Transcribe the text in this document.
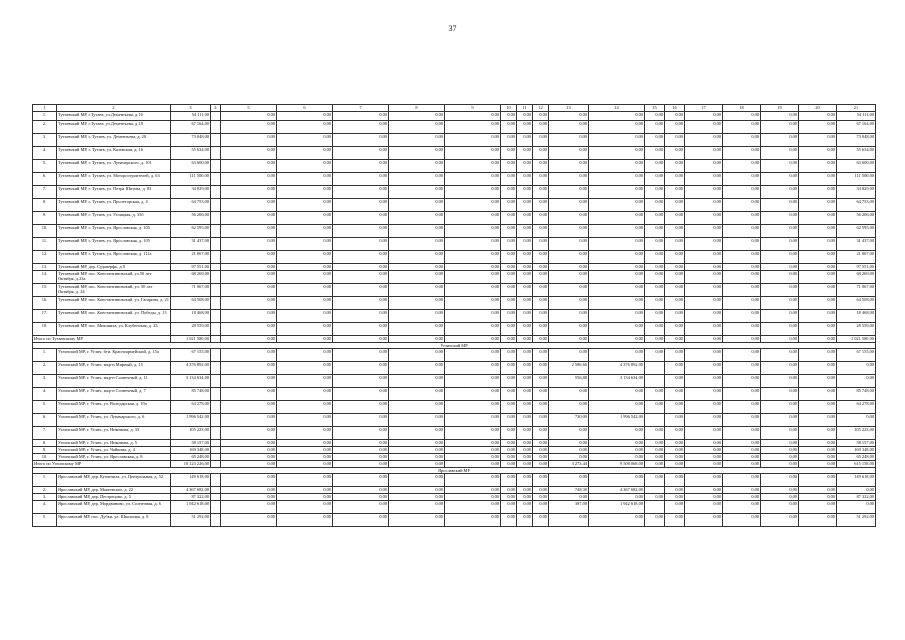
37
1	2	3	4	5	6	7	8	9	10	11	12	13	14	15	16	17	18	19	20	21
1.	Тутаевский МР, г.Тутаев, ул.Дементьева, д.16	54 111,00		0,00	0,00	0,00	0,00	0,00	0,00	0,00	0,00	0,00	0,00	0,00	0,00	0,00	0,00	0,00	0,00	54 111,00
2.	Тутаевский МР, г.Тутаев, ул.Дементьева, д.18	67 164,00		0,00	0,00	0,00	0,00	0,00	0,00	0,00	0,00	0,00	0,00	0,00	0,00	0,00	0,00	0,00	0,00	67 164,00
3.	Тутаевский МР, г. Тутаев, ул. Дементьева, д. 20	73 048,00		0,00	0,00	0,00	0,00	0,00	0,00	0,00	0,00	0,00	0,00	0,00	0,00	0,00	0,00	0,00	0,00	73 048,00
4.	Тутаевский МР, г. Тутаев, ул. Казанская, д. 16	55 634,00		0,00	0,00	0,00	0,00	0,00	0,00	0,00	0,00	0,00	0,00	0,00	0,00	0,00	0,00	0,00	0,00	55 634,00
5.	Тутаевский МР, г. Тутаев, ул. Луначарского, д. 101	63 600,00		0,00	0,00	0,00	0,00	0,00	0,00	0,00	0,00	0,00	0,00	0,00	0,00	0,00	0,00	0,00	0,00	63 600,00
6.	Тутаевский МР, г. Тутаев, ул. Моторостроителей, д. 63	111 500,00		0,00	0,00	0,00	0,00	0,00	0,00	0,00	0,00	0,00	0,00	0,00	0,00	0,00	0,00	0,00	0,00	111 500,00
7.	Тутаевский МР, г. Тутаев, ул. Петра Шитова, д. 83	34 829,00		0,00	0,00	0,00	0,00	0,00	0,00	0,00	0,00	0,00	0,00	0,00	0,00	0,00	0,00	0,00	0,00	34 829,00
8.	Тутаевский МР, г. Тутаев, ул. Пролетарская, д. 4	64 753,00		0,00	0,00	0,00	0,00	0,00	0,00	0,00	0,00	0,00	0,00	0,00	0,00	0,00	0,00	0,00	0,00	64 753,00
9.	Тутаевский МР, г. Тутаев, ул. Углицкая, д. 33б	56 206,00		0,00	0,00	0,00	0,00	0,00	0,00	0,00	0,00	0,00	0,00	0,00	0,00	0,00	0,00	0,00	0,00	56 206,00
10.	Тутаевский МР, г. Тутаев, ул. Ярославская, д. 105	62 595,00		0,00	0,00	0,00	0,00	0,00	0,00	0,00	0,00	0,00	0,00	0,00	0,00	0,00	0,00	0,00	0,00	62 595,00
11.	Тутаевский МР, г. Тутаев, ул. Ярославская, д. 105	31 437,00		0,00	0,00	0,00	0,00	0,00	0,00	0,00	0,00	0,00	0,00	0,00	0,00	0,00	0,00	0,00	0,00	31 437,00
12.	Тутаевский МР, г. Тутаев, ул. Ярославская, д. 111а	21 067,00		0,00	0,00	0,00	0,00	0,00	0,00	0,00	0,00	0,00	0,00	0,00	0,00	0,00	0,00	0,00	0,00	21 067,00
13.	Тутаевский МР, дер. Судоверфь, д.9	97 551,00		0,00	0,00	0,00	0,00	0,00	0,00	0,00	0,00	0,00	0,00	0,00	0,00	0,00	0,00	0,00	0,00	97 551,00
14.	Тутаевский МР, пос. Константиновский, ул.50 лет Октября, д.23а	68 269,00		0,00	0,00	0,00	0,00	0,00	0,00	0,00	0,00	0,00	0,00	0,00	0,00	0,00	0,00	0,00	0,00	68 269,00
15.	Тутаевский МР, пос. Константиновский, ул. 50 лет Октября, д. 24	71 067,00		0,00	0,00	0,00	0,00	0,00	0,00	0,00	0,00	0,00	0,00	0,00	0,00	0,00	0,00	0,00	0,00	71 067,00
16.	Тутаевский МР, пос. Константиновский, ул. Гагарина, д. 21	64 508,00		0,00	0,00	0,00	0,00	0,00	0,00	0,00	0,00	0,00	0,00	0,00	0,00	0,00	0,00	0,00	0,00	64 508,00
17.	Тутаевский МР, пос. Константиновский, ул. Победы, д. 13	18 468,00		0,00	0,00	0,00	0,00	0,00	0,00	0,00	0,00	0,00	0,00	0,00	0,00	0,00	0,00	0,00	0,00	18 468,00
18.	Тутаевский МР, пос. Микляиха, ул. Клубенская, д. 23	28 559,00		0,00	0,00	0,00	0,00	0,00	0,00	0,00	0,00	0,00	0,00	0,00	0,00	0,00	0,00	0,00	0,00	28 559,00
Итого по Тутаевскому МР		1 021 580,00		0,00	0,00	0,00	0,00	0,00	0,00	0,00	0,00	0,00	0,00	0,00	0,00	0,00	0,00	0,00	0,00	1 021 580,00
Угличский МР																				
1.	Угличский МР, г. Углич, 6ти. Красноармейский, д. 15а	67 155,00		0,00	0,00	0,00	0,00	0,00	0,00	0,00	0,00	0,00	0,00	0,00	0,00	0,00	0,00	0,00	0,00	67 155,00
2.	Угличский МР, г. Углич, мкр-н Мирный, д. 15	4 376 892,00		0,00	0,00	0,00	0,00	0,00	0,00	0,00	0,00	2 586,66	4 376 892,00		0,00	0,00	0,00	0,00	0,00	0,00
3.	Угличский МР, г. Углич, мкр-н Солнечный, д. 11	3 134 634,00		0,00	0,00	0,00	0,00	0,00	0,00	0,00	0,00	556,88	3 134 634,00		0,00	0,00	0,00	0,00	0,00	0,00
4.	Угличский МР, г. Углич, мкр-н Солнечный, д. 7	85 748,00		0,00	0,00	0,00	0,00	0,00	0,00	0,00	0,00	0,00	0,00	0,00	0,00	0,00	0,00	0,00	0,00	85 748,00
5.	Угличский МР, г. Углич, ул. Володарская, д. 19а	64 278,00		0,00	0,00	0,00	0,00	0,00	0,00	0,00	0,00	0,00	0,00	0,00	0,00	0,00	0,00	0,00	0,00	64 278,00
6.	Угличский МР, г. Углич, ул. Луначарского, д. 6	1 996 542,00		0,00	0,00	0,00	0,00	0,00	0,00	0,00	0,00	730,00	1 996 542,00		0,00	0,00	0,00	0,00	0,00	0,00
7.	Угличский МР, г. Углич, ул. Никонова, д. 33	105 223,00		0,00	0,00	0,00	0,00	0,00	0,00	0,00	0,00	0,00	0,00	0,00	0,00	0,00	0,00	0,00	0,00	105 223,00
8.	Угличский МР, г. Углич, ул. Никонова, д. 5	58 157,00		0,00	0,00	0,00	0,00	0,00	0,00	0,00	0,00	0,00	0,00	0,00	0,00	0,00	0,00	0,00	0,00	58 157,00
9.	Угличский МР, г. Углич, ул. Чайкина, д. 4	169 348,00		0,00	0,00	0,00	0,00	0,00	0,00	0,00	0,00	0,00	0,00	0,00	0,00	0,00	0,00	0,00	0,00	169 348,00
10.	Угличский МР, г. Углич, ул. Ярославская, д. 8	65 248,00		0,00	0,00	0,00	0,00	0,00	0,00	0,00	0,00	0,00	0,00	0,00	0,00	0,00	0,00	0,00	0,00	65 248,00
Итого по Угличскому МР		10 123 226,00		0,00	0,00	0,00	0,00	0,00	0,00	0,00	0,00	3 273,44	9 508 068,00	0,00	0,00	0,00	0,00	0,00	0,00	615 158,00
Ярославский МР																				
1.	Ярославский МР, дер. Кузнечиха, ул. Центральная, д. 52	149 618,00		0,00	0,00	0,00	0,00	0,00	0,00	0,00	0,00	0,00	0,00	0,00	0,00	0,00	0,00	0,00	0,00	149 618,00
2.	Ярославский МР, дер. Мокеевское, д. 22	4 367 682,00		0,00	0,00	0,00	0,00	0,00	0,00	0,00	0,00	748,30	4 367 682,00		0,00	0,00	0,00	0,00	0,00	0,00
3.	Ярославский МР, дер. Пестрецово, д. 5	87 322,00		0,00	0,00	0,00	0,00	0,00	0,00	0,00	0,00	0,00	0,00	0,00	0,00	0,00	0,00	0,00	0,00	87 322,00
4.	Ярославский МР, дер. Мордвиново, ул. Солнечная, д. 6	1 942 618,00		0,00	0,00	0,00	0,00	0,00	0,00	0,00	0,00	387,00	1 942 618,00		0,00	0,00	0,00	0,00	0,00	0,00
5.	Ярославский МР, пос. Дубки, ул. Школьная, д. 8	51 292,00		0,00	0,00	0,00	0,00	0,00	0,00	0,00	0,00	0,00	0,00	0,00	0,00	0,00	0,00	0,00	0,00	51 292,00
